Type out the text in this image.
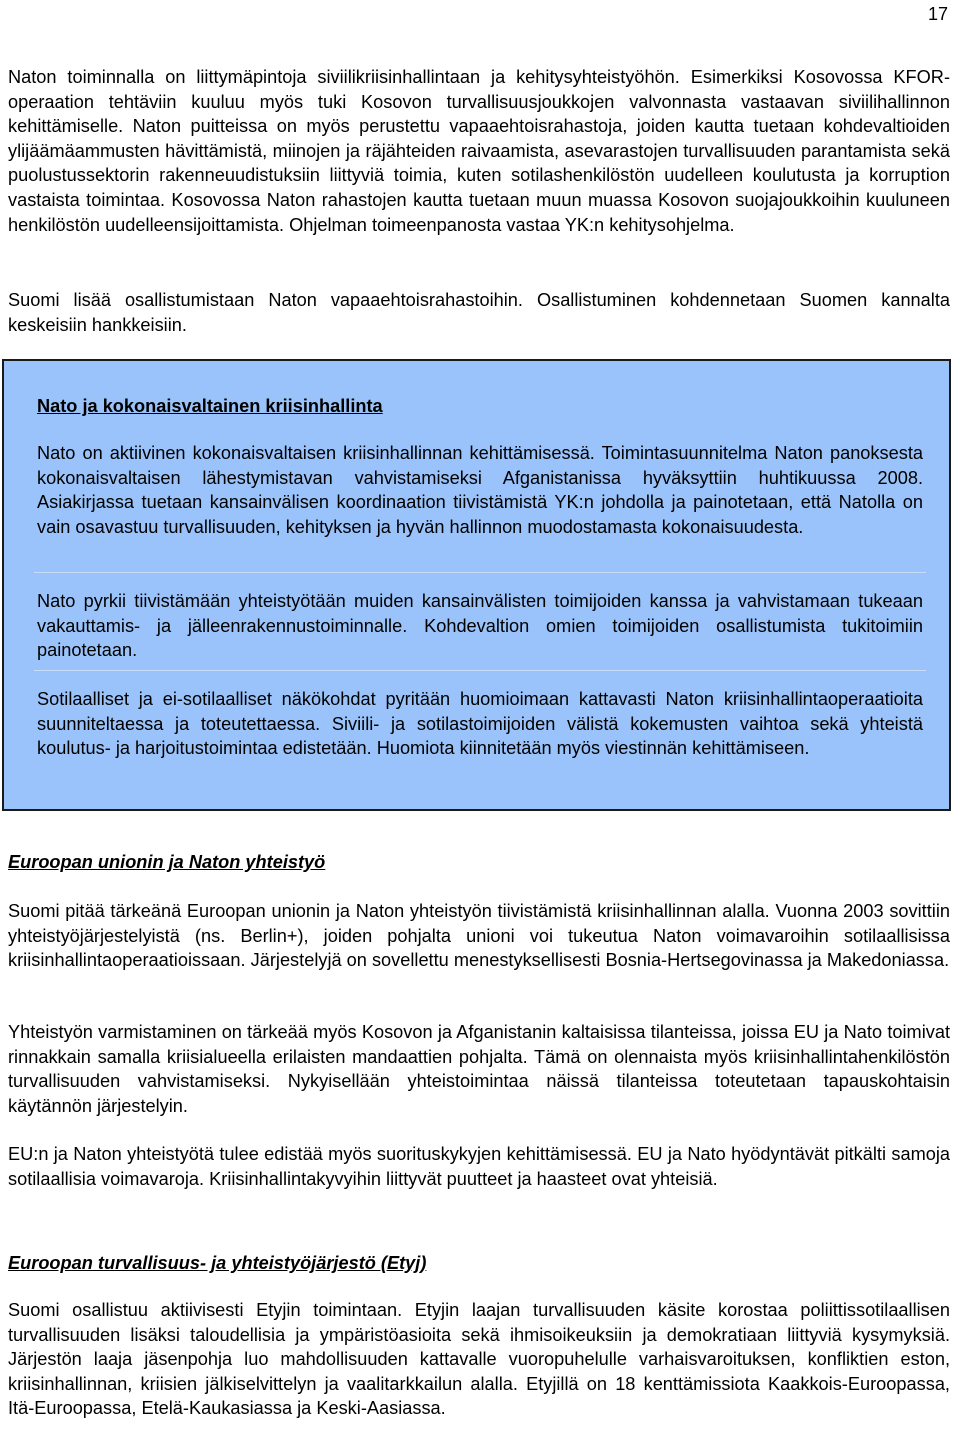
17

Naton toiminnalla on liittymäpintoja siviilikriisinhallintaan ja kehitysyhteistyöhön. Esimerkiksi Kosovossa KFOR-operaation tehtäviin kuuluu myös tuki Kosovon turvallisuusjoukkojen valvonnasta vastaavan siviilihallinnon kehittämiselle. Naton puitteissa on myös perustettu vapaaehtoisrahastoja, joiden kautta tuetaan kohdevaltioiden ylijäämäammusten hävittämistä, miinojen ja räjähteiden raivaamista, asevarastojen turvallisuuden parantamista sekä puolustussektorin rakenneuudistuksiin liittyviä toimia, kuten sotilashenkilöstön uudelleen koulutusta ja korruption vastaista toimintaa. Kosovossa Naton rahastojen kautta tuetaan muun muassa Kosovon suojajoukkoihin kuuluneen henkilöstön uudelleensijoittamista. Ohjelman toimeenpanosta vastaa YK:n kehitysohjelma.

Suomi lisää osallistumistaan Naton vapaaehtoisrahastoihin. Osallistuminen kohdennetaan Suomen kannalta keskeisiin hankkeisiin.

Nato ja kokonaisvaltainen kriisinhallinta

Nato on aktiivinen kokonaisvaltaisen kriisinhallinnan kehittämisessä. Toimintasuunnitelma Naton panoksesta kokonaisvaltaisen lähestymistavan vahvistamiseksi Afganistanissa hyväksyttiin huhtikuussa 2008. Asiakirjassa tuetaan kansainvälisen koordinaation tiivistämistä YK:n johdolla ja painotetaan, että Natolla on vain osavastuu turvallisuuden, kehityksen ja hyvän hallinnon muodostamasta kokonaisuudesta.

Nato pyrkii tiivistämään yhteistyötään muiden kansainvälisten toimijoiden kanssa ja vahvistamaan tukeaan vakauttamis- ja jälleenrakennustoiminnalle. Kohdevaltion omien toimijoiden osallistumista tukitoimiin painotetaan.

Sotilaalliset ja ei-sotilaalliset näkökohdat pyritään huomioimaan kattavasti Naton kriisinhallintaoperaatioita suunniteltaessa ja toteutettaessa. Siviili- ja sotilastoimijoiden välistä kokemusten vaihtoa sekä yhteistä koulutus- ja harjoitustoimintaa edistetään. Huomiota kiinnitetään myös viestinnän kehittämiseen.

Euroopan unionin ja Naton yhteistyö

Suomi pitää tärkeänä Euroopan unionin ja Naton yhteistyön tiivistämistä kriisinhallinnan alalla. Vuonna 2003 sovittiin yhteistyöjärjestelyistä (ns. Berlin+), joiden pohjalta unioni voi tukeutua Naton voimavaroihin sotilaallisissa kriisinhallintaoperaatioissaan. Järjestelyjä on sovellettu menestyksellisesti Bosnia-Hertsegovinassa ja Makedoniassa.

Yhteistyön varmistaminen on tärkeää myös Kosovon ja Afganistanin kaltaisissa tilanteissa, joissa EU ja Nato toimivat rinnakkain samalla kriisialueella erilaisten mandaattien pohjalta. Tämä on olennaista myös kriisinhallintahenkilöstön turvallisuuden vahvistamiseksi. Nykyisellään yhteistoimintaa näissä tilanteissa toteutetaan tapauskohtaisin käytännön järjestelyin.

EU:n ja Naton yhteistyötä tulee edistää myös suorituskykyjen kehittämisessä. EU ja Nato hyödyntävät pitkälti samoja sotilaallisia voimavaroja. Kriisinhallintakyvyihin liittyvät puutteet ja haasteet ovat yhteisiä.

Euroopan turvallisuus- ja yhteistyöjärjestö (Etyj)

Suomi osallistuu aktiivisesti Etyjin toimintaan. Etyjin laajan turvallisuuden käsite korostaa poliittissotilaallisen turvallisuuden lisäksi taloudellisia ja ympäristöasioita sekä ihmisoikeuksiin ja demokratiaan liittyviä kysymyksiä. Järjestön laaja jäsenpohja luo mahdollisuuden kattavalle vuoropuhelulle varhaisvaroituksen, konfliktien eston, kriisinhallinnan, kriisien jälkiselvittelyn ja vaalitarkkailun alalla. Etyjillä on 18 kenttämissiota Kaakkois-Euroopassa, Itä-Euroopassa, Etelä-Kaukasiassa ja Keski-Aasiassa.
